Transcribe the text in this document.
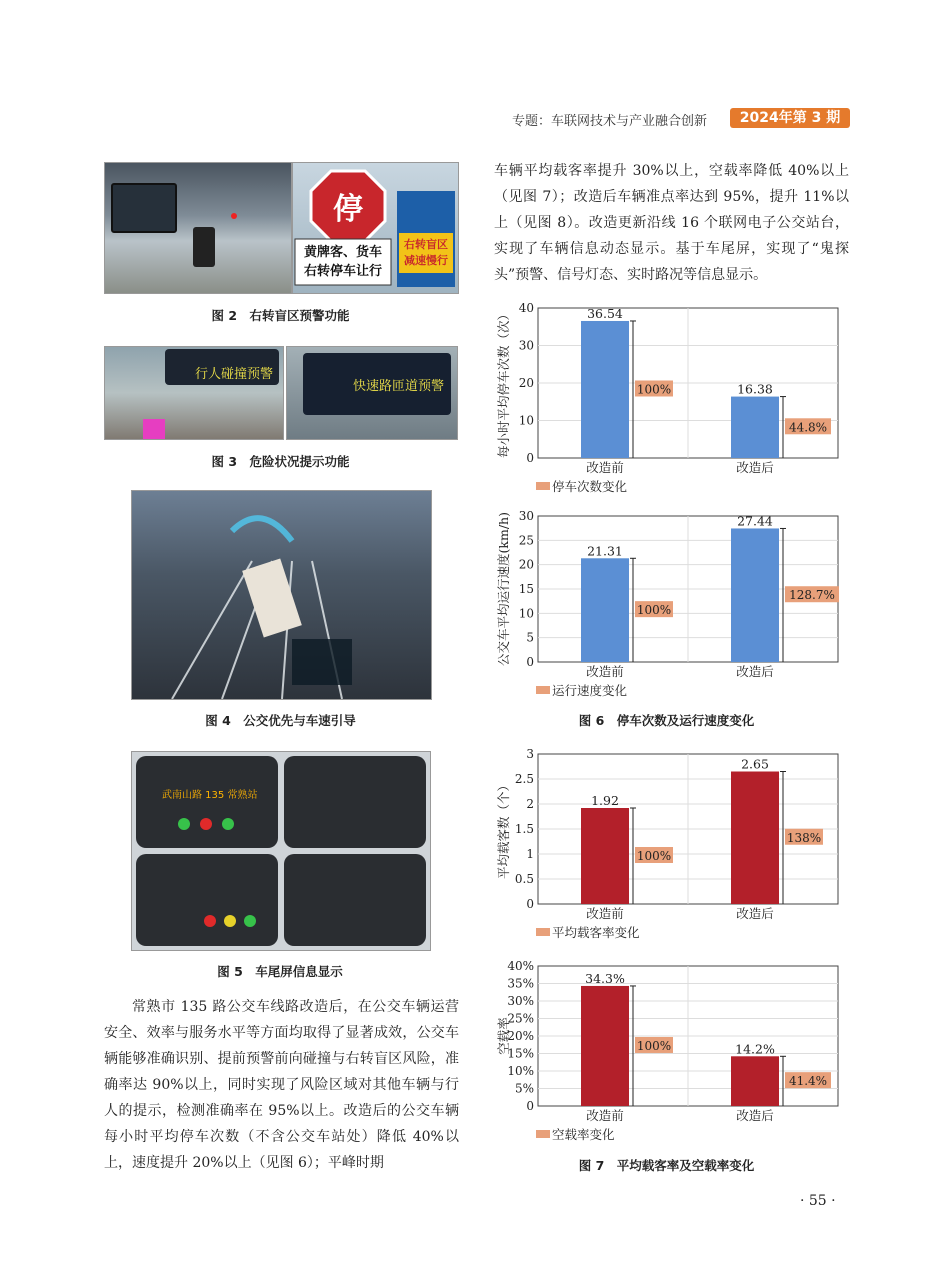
专题：车联网技术与产业融合创新	2024年第 3 期
停
黄牌客、货车
右转停车让行
右转盲区
减速慢行
图 2　右转盲区预警功能
行人碰撞预警
快速路匝道预警
图 3　危险状况提示功能
图 4　公交优先与车速引导
武南山路 135 常熟站
图 5　车尾屏信息显示
常熟市 135 路公交车线路改造后，在公交车辆运营安全、效率与服务水平等方面均取得了显著成效，公交车辆能够准确识别、提前预警前向碰撞与右转盲区风险，准确率达 90%以上，同时实现了风险区域对其他车辆与行人的提示，检测准确率在 95%以上。改造后的公交车辆每小时平均停车次数（不含公交车站处）降低 40%以上，速度提升 20%以上（见图 6）；平峰时期
车辆平均载客率提升 30%以上，空载率降低 40%以上（见图 7）；改造后车辆准点率达到 95%，提升 11%以上（见图 8）。改造更新沿线 16 个联网电子公交站台，实现了车辆信息动态显示。基于车尾屏，实现了“鬼探头”预警、信号灯态、实时路况等信息显示。
0
10
20
30
40
每小时平均停车次数（次）	36.54
100%
改造前
16.38
44.8%
改造后
停车次数变化
0
5
10
15
20
25
30
公交车平均运行速度(km/h)	21.31
100%
改造前
27.44
128.7%
改造后
运行速度变化
图 6　停车次数及运行速度变化
0
0.5
1
1.5
2
2.5
3
平均载客数（个）	1.92
100%
改造前
2.65
138%
改造后
平均载客率变化
0
5%
10%
15%
20%
25%
30%
35%
40%
空载率
34.3%
100%
改造前
14.2%
41.4%
改造后
空载率变化
图 7　平均载客率及空载率变化
· 55 ·
